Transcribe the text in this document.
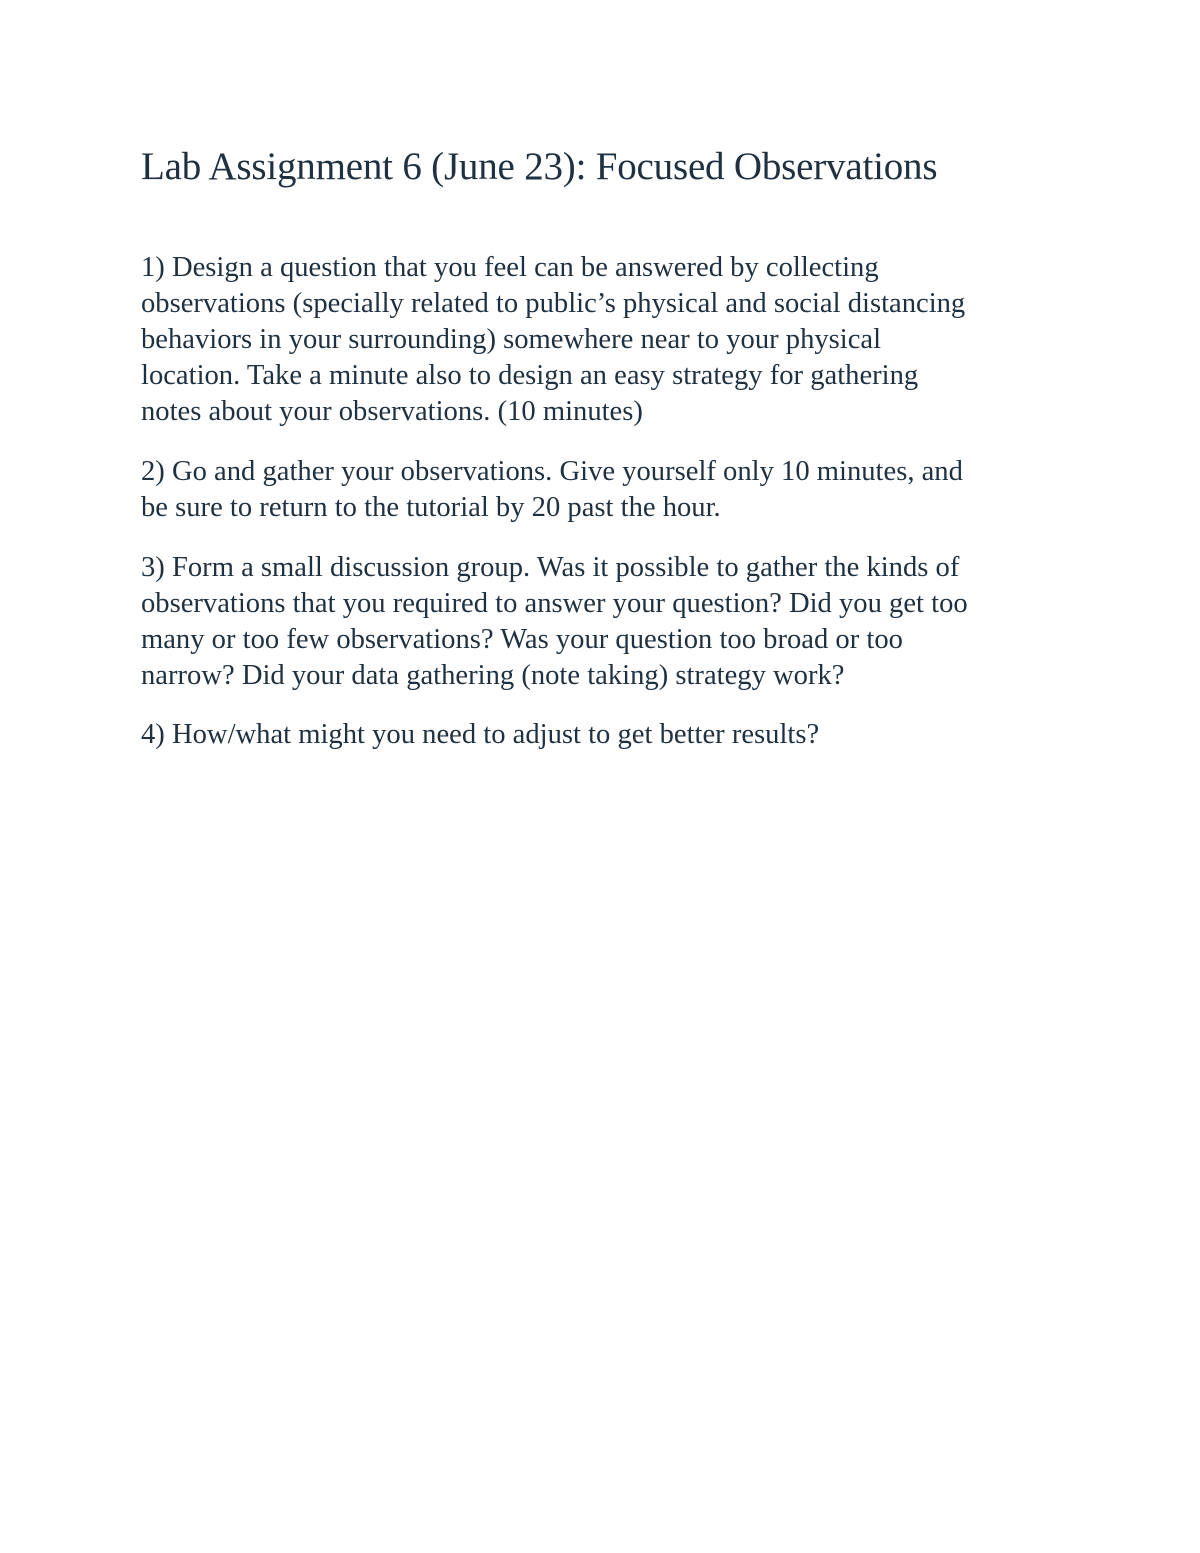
Lab Assignment 6 (June 23): Focused Observations

1) Design a question that you feel can be answered by collecting
observations (specially related to public’s physical and social distancing
behaviors in your surrounding) somewhere near to your physical
location. Take a minute also to design an easy strategy for gathering
notes about your observations. (10 minutes)

2) Go and gather your observations. Give yourself only 10 minutes, and
be sure to return to the tutorial by 20 past the hour.

3) Form a small discussion group. Was it possible to gather the kinds of
observations that you required to answer your question? Did you get too
many or too few observations? Was your question too broad or too
narrow? Did your data gathering (note taking) strategy work?

4) How/what might you need to adjust to get better results?
